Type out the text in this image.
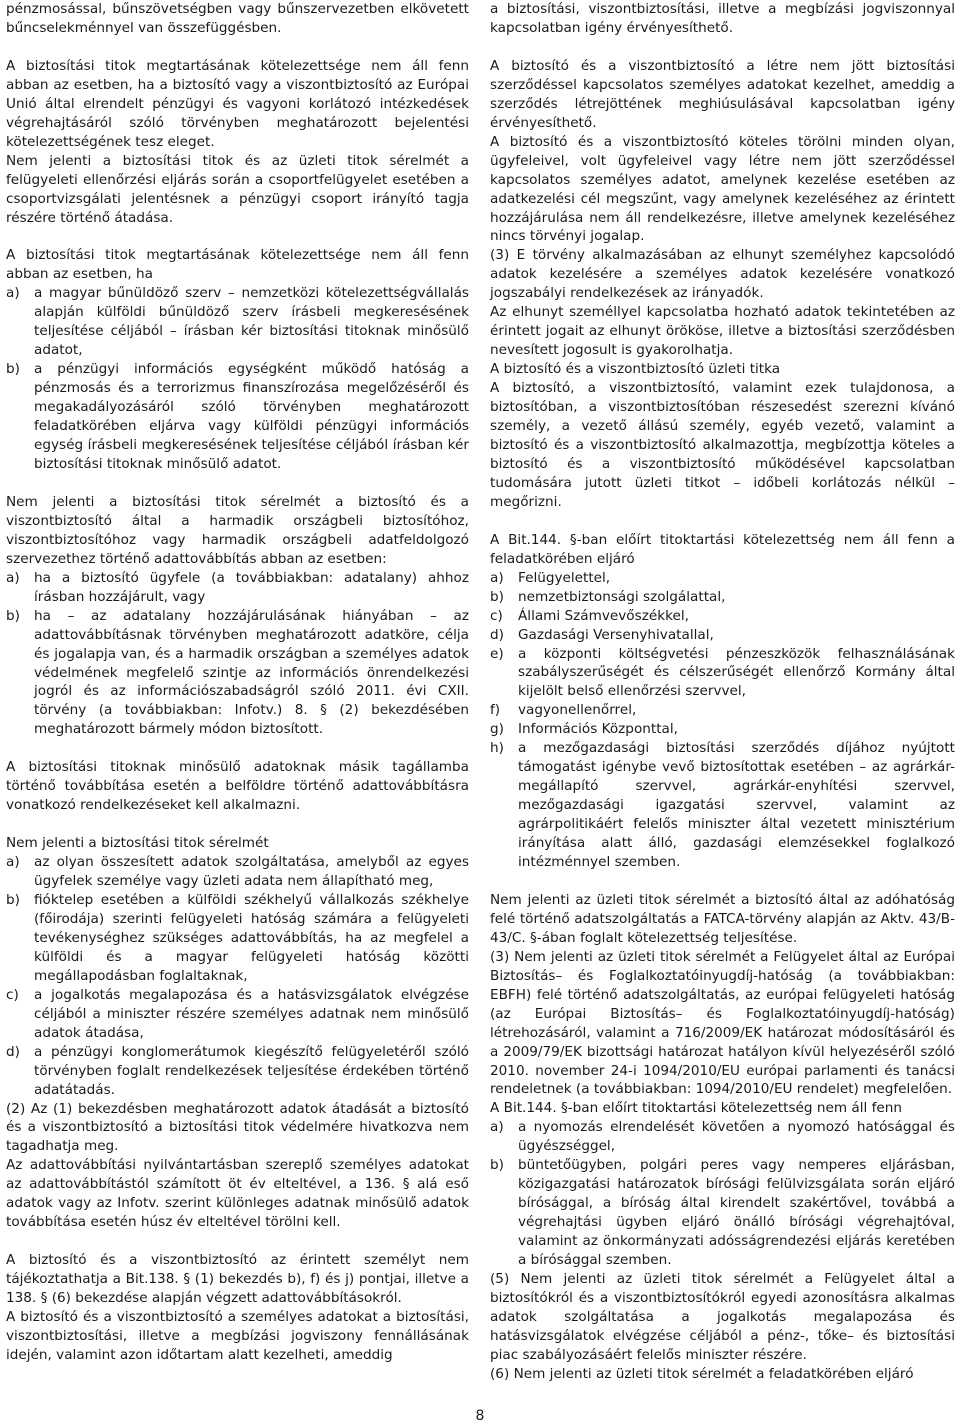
pénzmosással, bűnszövetségben vagy bűnszervezetben elkövetett bűncselekménnyel van összefüggésben.

A biztosítási titok megtartásának kötelezettsége nem áll fenn abban az esetben, ha a biztosító vagy a viszontbiztosító az Európai Unió által elrendelt pénzügyi és vagyoni korlátozó intézkedések végrehajtásáról szóló törvényben meghatározott bejelentési kötelezettségének tesz eleget.

Nem jelenti a biztosítási titok és az üzleti titok sérelmét a felügyeleti ellenőrzési eljárás során a csoportfelügyelet esetében a csoportvizsgálati jelentésnek a pénzügyi csoport irányító tagja részére történő átadása.

A biztosítási titok megtartásának kötelezettsége nem áll fenn abban az esetben, ha

a)	a magyar bűnüldöző szerv – nemzetközi kötelezettségvállalás alapján külföldi bűnüldöző szerv írásbeli megkeresésének teljesítése céljából – írásban kér biztosítási titoknak minősülő adatot,
b)	a pénzügyi információs egységként működő hatóság a pénzmosás és a terrorizmus finanszírozása megelőzéséről és megakadályozásáról szóló törvényben meghatározott feladatkörében eljárva vagy külföldi pénzügyi információs egység írásbeli megkeresésének teljesítése céljából írásban kér biztosítási titoknak minősülő adatot.

Nem jelenti a biztosítási titok sérelmét a biztosító és a viszontbiztosító által a harmadik országbeli biztosítóhoz, viszontbiztosítóhoz vagy harmadik országbeli adatfeldolgozó szervezethez történő adattovábbítás abban az esetben:

a)	ha a biztosító ügyfele (a továbbiakban: adatalany) ahhoz írásban hozzájárult, vagy
b)	ha – az adatalany hozzájárulásának hiányában – az adattovábbításnak törvényben meghatározott adatköre, célja és jogalapja van, és a harmadik országban a személyes adatok védelmének megfelelő szintje az információs önrendelkezési jogról és az információszabadságról szóló 2011. évi CXII. törvény (a továbbiakban: Infotv.) 8. § (2) bekezdésében meghatározott bármely módon biztosított.

A biztosítási titoknak minősülő adatoknak másik tagállamba történő továbbítása esetén a belföldre történő adattovábbításra vonatkozó rendelkezéseket kell alkalmazni.

Nem jelenti a biztosítási titok sérelmét

a)	az olyan összesített adatok szolgáltatása, amelyből az egyes ügyfelek személye vagy üzleti adata nem állapítható meg,
b)	fióktelep esetében a külföldi székhelyű vállalkozás székhelye (főirodája) szerinti felügyeleti hatóság számára a felügyeleti tevékenységhez szükséges adattovábbítás, ha az megfelel a külföldi és a magyar felügyeleti hatóság közötti megállapodásban foglaltaknak,
c)	a jogalkotás megalapozása és a hatásvizsgálatok elvégzése céljából a miniszter részére személyes adatnak nem minősülő adatok átadása,
d)	a pénzügyi konglomerátumok kiegészítő felügyeletéről szóló törvényben foglalt rendelkezések teljesítése érdekében történő adatátadás.

(2) Az (1) bekezdésben meghatározott adatok átadását a biztosító és a viszontbiztosító a biztosítási titok védelmére hivatkozva nem tagadhatja meg.

Az adattovábbítási nyilvántartásban szereplő személyes adatokat az adattovábbítástól számított öt év elteltével, a 136. § alá eső adatok vagy az Infotv. szerint különleges adatnak minősülő adatok továbbítása esetén húsz év elteltével törölni kell.

A biztosító és a viszontbiztosító az érintett személyt nem tájékoztathatja a Bit.138. § (1) bekezdés b), f) és j) pontjai, illetve a 138. § (6) bekezdése alapján végzett adattovábbításokról.

A biztosító és a viszontbiztosító a személyes adatokat a biztosítási, viszontbiztosítási, illetve a megbízási jogviszony fennállásának idején, valamint azon időtartam alatt kezelheti, ameddig

a biztosítási, viszontbiztosítási, illetve a megbízási jogviszonnyal kapcsolatban igény érvényesíthető.

A biztosító és a viszontbiztosító a létre nem jött biztosítási szerződéssel kapcsolatos személyes adatokat kezelhet, ameddig a szerződés létrejöttének meghiúsulásával kapcsolatban igény érvényesíthető.

A biztosító és a viszontbiztosító köteles törölni minden olyan, ügyfeleivel, volt ügyfeleivel vagy létre nem jött szerződéssel kapcsolatos személyes adatot, amelynek kezelése esetében az adatkezelési cél megszűnt, vagy amelynek kezeléséhez az érintett hozzájárulása nem áll rendelkezésre, illetve amelynek kezeléséhez nincs törvényi jogalap.

(3) E törvény alkalmazásában az elhunyt személyhez kapcsolódó adatok kezelésére a személyes adatok kezelésére vonatkozó jogszabályi rendelkezések az irányadók.

Az elhunyt személlyel kapcsolatba hozható adatok tekintetében az érintett jogait az elhunyt örököse, illetve a biztosítási szerződésben nevesített jogosult is gyakorolhatja.

A biztosító és a viszontbiztosító üzleti titka

A biztosító, a viszontbiztosító, valamint ezek tulajdonosa, a biztosítóban, a viszontbiztosítóban részesedést szerezni kívánó személy, a vezető állású személy, egyéb vezető, valamint a biztosító és a viszontbiztosító alkalmazottja, megbízottja köteles a biztosító és a viszontbiztosító működésével kapcsolatban tudomására jutott üzleti titkot – időbeli korlátozás nélkül – megőrizni.

A Bit.144. §-ban előírt titoktartási kötelezettség nem áll fenn a feladatkörében eljáró

a)	Felügyelettel,
b)	nemzetbiztonsági szolgálattal,
c)	Állami Számvevőszékkel,
d)	Gazdasági Versenyhivatallal,
e)	a központi költségvetési pénzeszközök felhasználásának szabályszerűségét és célszerűségét ellenőrző Kormány által kijelölt belső ellenőrzési szervvel,
f)	vagyonellenőrrel,
g)	Információs Központtal,
h)	a mezőgazdasági biztosítási szerződés díjához nyújtott támogatást igénybe vevő biztosítottak esetében – az agrárkár-megállapító szervvel, agrárkár-enyhítési szervvel, mezőgazdasági igazgatási szervvel, valamint az agrárpolitikáért felelős miniszter által vezetett minisztérium irányítása alatt álló, gazdasági elemzésekkel foglalkozó intézménnyel szemben.

Nem jelenti az üzleti titok sérelmét a biztosító által az adóhatóság felé történő adatszolgáltatás a FATCA-törvény alapján az Aktv. 43/B-43/C. §-ában foglalt kötelezettség teljesítése.

(3) Nem jelenti az üzleti titok sérelmét a Felügyelet által az Európai Biztosítás– és Foglalkoztatóinyugdíj-hatóság (a továbbiakban: EBFH) felé történő adatszolgáltatás, az európai felügyeleti hatóság (az Európai Biztosítás– és Foglalkoztatóinyugdíj-hatóság) létrehozásáról, valamint a 716/2009/EK határozat módosításáról és a 2009/79/EK bizottsági határozat hatályon kívül helyezéséről szóló 2010. november 24-i 1094/2010/EU európai parlamenti és tanácsi rendeletnek (a továbbiakban: 1094/2010/EU rendelet) megfelelően.

A Bit.144. §-ban előírt titoktartási kötelezettség nem áll fenn

a)	a nyomozás elrendelését követően a nyomozó hatósággal és ügyészséggel,
b)	büntetőügyben, polgári peres vagy nemperes eljárásban, közigazgatási határozatok bírósági felülvizsgálata során eljáró bírósággal, a bíróság által kirendelt szakértővel, továbbá a végrehajtási ügyben eljáró önálló bírósági végrehajtóval, valamint az önkormányzati adósságrendezési eljárás keretében a bírósággal szemben.

(5) Nem jelenti az üzleti titok sérelmét a Felügyelet által a biztosítókról és a viszontbiztosítókról egyedi azonosításra alkalmas adatok szolgáltatása a jogalkotás megalapozása és hatásvizsgálatok elvégzése céljából a pénz-, tőke– és biztosítási piac szabályozásáért felelős miniszter részére.

(6) Nem jelenti az üzleti titok sérelmét a feladatkörében eljáró

8
